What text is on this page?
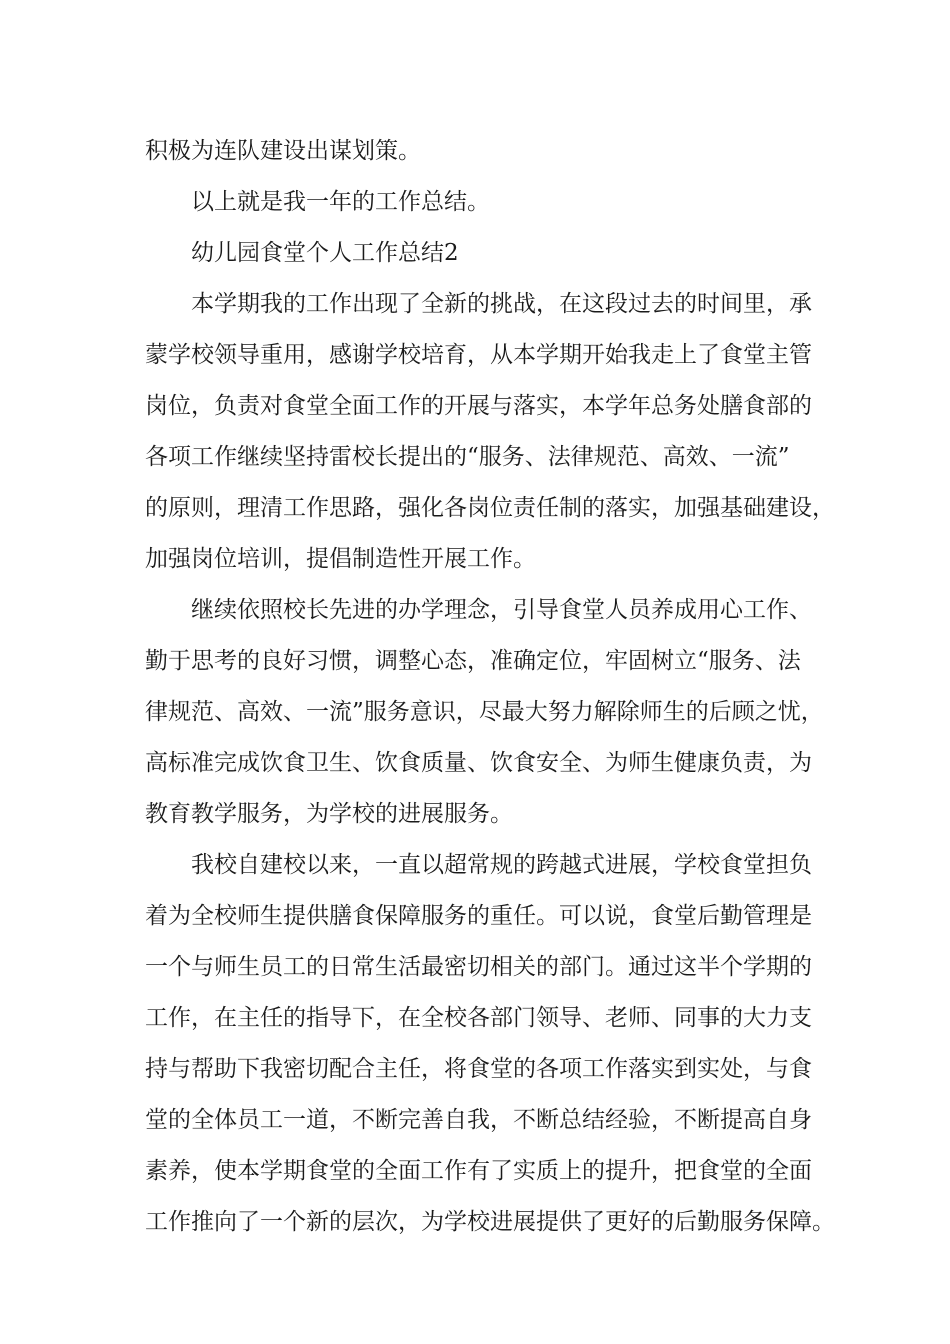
积极为连队建设出谋划策。
以上就是我一年的工作总结。
幼儿园食堂个人工作总结2
本学期我的工作出现了全新的挑战，在这段过去的时间里，承
蒙学校领导重用，感谢学校培育，从本学期开始我走上了食堂主管
岗位，负责对食堂全面工作的开展与落实，本学年总务处膳食部的
各项工作继续坚持雷校长提出的“服务、法律规范、高效、一流”
的原则，理清工作思路，强化各岗位责任制的落实，加强基础建设，
加强岗位培训，提倡制造性开展工作。
继续依照校长先进的办学理念，引导食堂人员养成用心工作、
勤于思考的良好习惯，调整心态，准确定位，牢固树立“服务、法
律规范、高效、一流”服务意识，尽最大努力解除师生的后顾之忧，
高标准完成饮食卫生、饮食质量、饮食安全、为师生健康负责，为
教育教学服务，为学校的进展服务。
我校自建校以来，一直以超常规的跨越式进展，学校食堂担负
着为全校师生提供膳食保障服务的重任。可以说，食堂后勤管理是
一个与师生员工的日常生活最密切相关的部门。通过这半个学期的
工作，在主任的指导下，在全校各部门领导、老师、同事的大力支
持与帮助下我密切配合主任，将食堂的各项工作落实到实处，与食
堂的全体员工一道，不断完善自我，不断总结经验，不断提高自身
素养，使本学期食堂的全面工作有了实质上的提升，把食堂的全面
工作推向了一个新的层次，为学校进展提供了更好的后勤服务保障。
